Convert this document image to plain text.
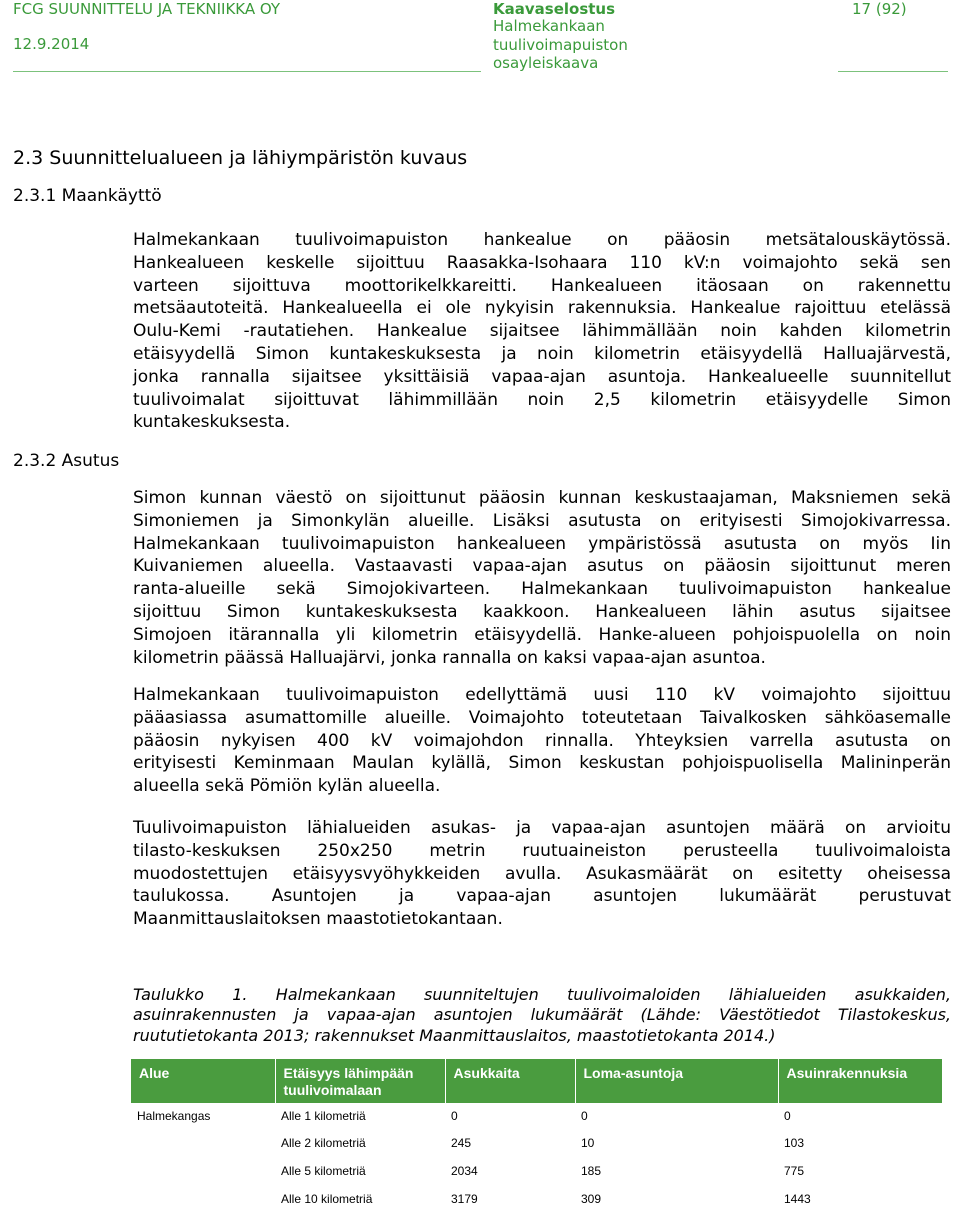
FCG SUUNNITTELU JA TEKNIIKKA OY
12.9.2014
Kaavaselostus
Halmekankaan
tuulivoimapuiston
osayleiskaava
17 (92)
2.3 Suunnittelualueen ja lähiympäristön kuvaus
2.3.1 Maankäyttö
2.3.2 Asutus
Halmekankaan tuulivoimapuiston hankealue on pääosin metsätalouskäytössä.
Hankealueen keskelle sijoittuu Raasakka-Isohaara 110 kV:n voimajohto sekä sen
varteen sijoittuva moottorikelkkareitti. Hankealueen itäosaan on rakennettu
metsäautoteitä. Hankealueella ei ole nykyisin rakennuksia. Hankealue rajoittuu etelässä
Oulu-Kemi -rautatiehen. Hankealue sijaitsee lähimmällään noin kahden kilometrin
etäisyydellä Simon kuntakeskuksesta ja noin kilometrin etäisyydellä Halluajärvestä,
jonka rannalla sijaitsee yksittäisiä vapaa-ajan asuntoja. Hankealueelle suunnitellut
tuulivoimalat sijoittuvat lähimmillään noin 2,5 kilometrin etäisyydelle Simon
kuntakeskuksesta.
Simon kunnan väestö on sijoittunut pääosin kunnan keskustaajaman, Maksniemen sekä
Simoniemen ja Simonkylän alueille. Lisäksi asutusta on erityisesti Simojokivarressa.
Halmekankaan tuulivoimapuiston hankealueen ympäristössä asutusta on myös Iin
Kuivaniemen alueella. Vastaavasti vapaa-ajan asutus on pääosin sijoittunut meren
ranta-alueille sekä Simojokivarteen. Halmekankaan tuulivoimapuiston hankealue
sijoittuu Simon kuntakeskuksesta kaakkoon. Hankealueen lähin asutus sijaitsee
Simojoen itärannalla yli kilometrin etäisyydellä. Hanke-alueen pohjoispuolella on noin
kilometrin päässä Halluajärvi, jonka rannalla on kaksi vapaa-ajan asuntoa.
Halmekankaan tuulivoimapuiston edellyttämä uusi 110 kV voimajohto sijoittuu
pääasiassa asumattomille alueille. Voimajohto toteutetaan Taivalkosken sähköasemalle
pääosin nykyisen 400 kV voimajohdon rinnalla. Yhteyksien varrella asutusta on
erityisesti Keminmaan Maulan kylällä, Simon keskustan pohjoispuolisella Malininperän
alueella sekä Pömiön kylän alueella.
Tuulivoimapuiston lähialueiden asukas- ja vapaa-ajan asuntojen määrä on arvioitu
tilasto-keskuksen 250x250 metrin ruutuaineiston perusteella tuulivoimaloista
muodostettujen etäisyysvyöhykkeiden avulla. Asukasmäärät on esitetty oheisessa
taulukossa. Asuntojen ja vapaa-ajan asuntojen lukumäärät perustuvat
Maanmittauslaitoksen maastotietokantaan.
Taulukko 1. Halmekankaan suunniteltujen tuulivoimaloiden lähialueiden asukkaiden,
asuinrakennusten ja vapaa-ajan asuntojen lukumäärät (Lähde: Väestötiedot Tilastokeskus,
ruututietokanta 2013; rakennukset Maanmittauslaitos, maastotietokanta 2014.)
Alue	Etäisyys lähimpään tuulivoimalaan	Asukkaita	Loma-asuntoja	Asuinrakennuksia
Halmekangas	Alle 1 kilometriä	0	0	0
	Alle 2 kilometriä	245	10	103
	Alle 5 kilometriä	2034	185	775
	Alle 10 kilometriä	3179	309	1443
